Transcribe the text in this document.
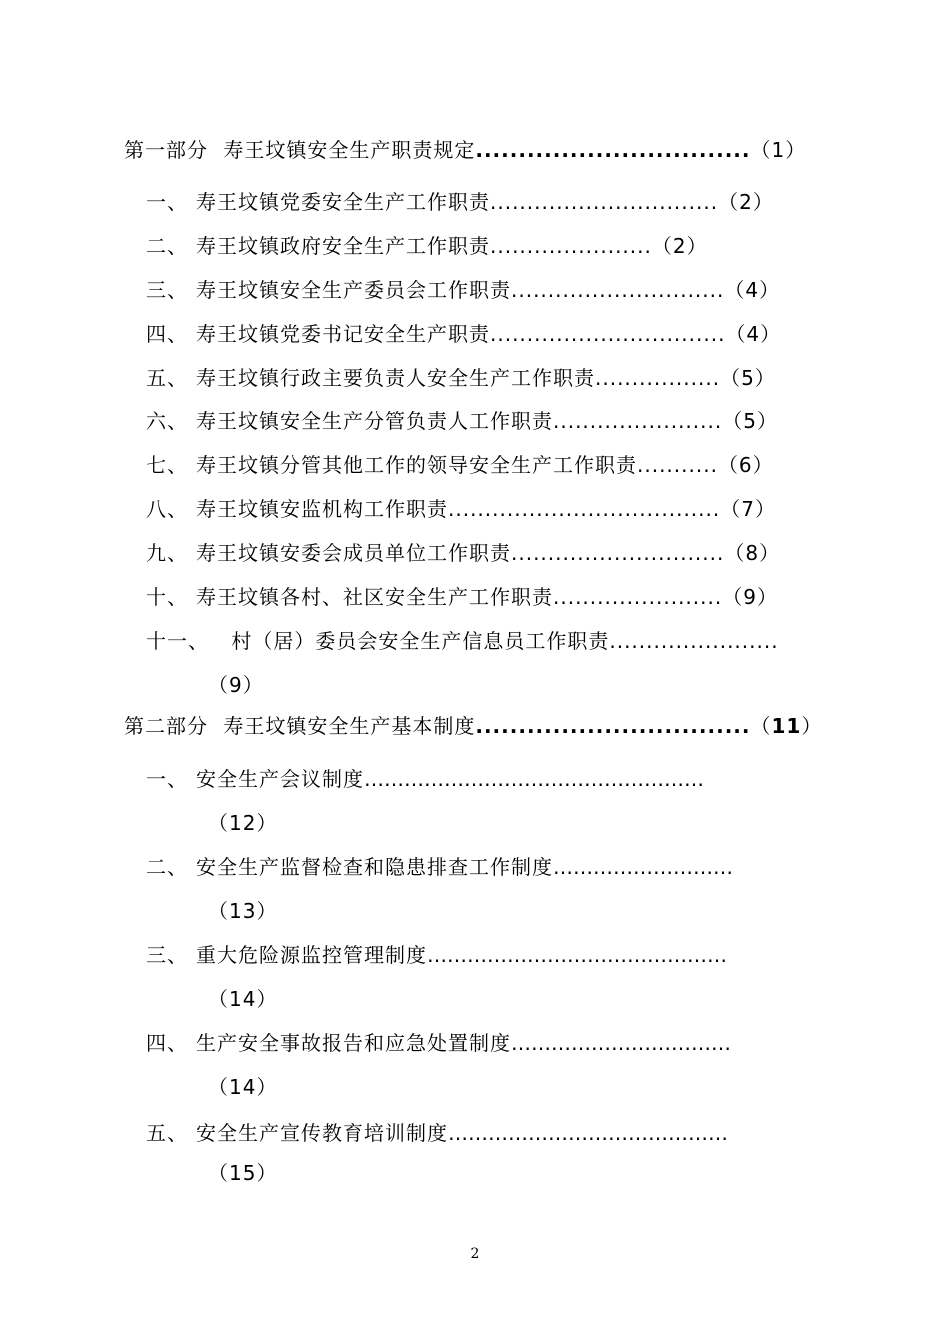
第一部分 寿王坟镇安全生产职责规定................................（1）
一、 寿王坟镇党委安全生产工作职责...............................（2）
二、 寿王坟镇政府安全生产工作职责......................（2）
三、 寿王坟镇安全生产委员会工作职责.............................（4）
四、 寿王坟镇党委书记安全生产职责................................（4）
五、 寿王坟镇行政主要负责人安全生产工作职责.................（5）
六、 寿王坟镇安全生产分管负责人工作职责.......................（5）
七、 寿王坟镇分管其他工作的领导安全生产工作职责...........（6）
八、 寿王坟镇安监机构工作职责.....................................（7）
九、 寿王坟镇安委会成员单位工作职责.............................（8）
十、 寿王坟镇各村、社区安全生产工作职责.......................（9）
十一、 村（居）委员会安全生产信息员工作职责.......................
（9）
第二部分 寿王坟镇安全生产基本制度................................（11）
一、 安全生产会议制度……………………………………………
（12）
二、 安全生产监督检查和隐患排查工作制度………………………
（13）
三、 重大危险源监控管理制度………………………………………
（14）
四、 生产安全事故报告和应急处置制度……………………………
（14）
五、 安全生产宣传教育培训制度……………………………………
（15）
2
